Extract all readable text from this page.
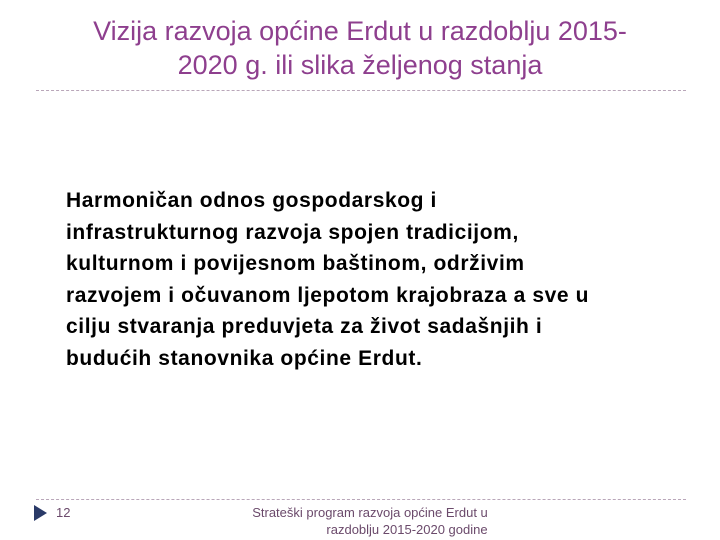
Vizija razvoja općine Erdut u razdoblju 2015-
2020 g. ili slika željenog stanja
Harmoničan odnos gospodarskog i
infrastrukturnog razvoja spojen tradicijom,
kulturnom i povijesnom baštinom, održivim
razvojem i očuvanom ljepotom krajobraza a sve u
cilju stvaranja preduvjeta za život sadašnjih i
budućih stanovnika općine Erdut.
12	Strateški program razvoja općine Erdut u
razdoblju 2015-2020 godine
